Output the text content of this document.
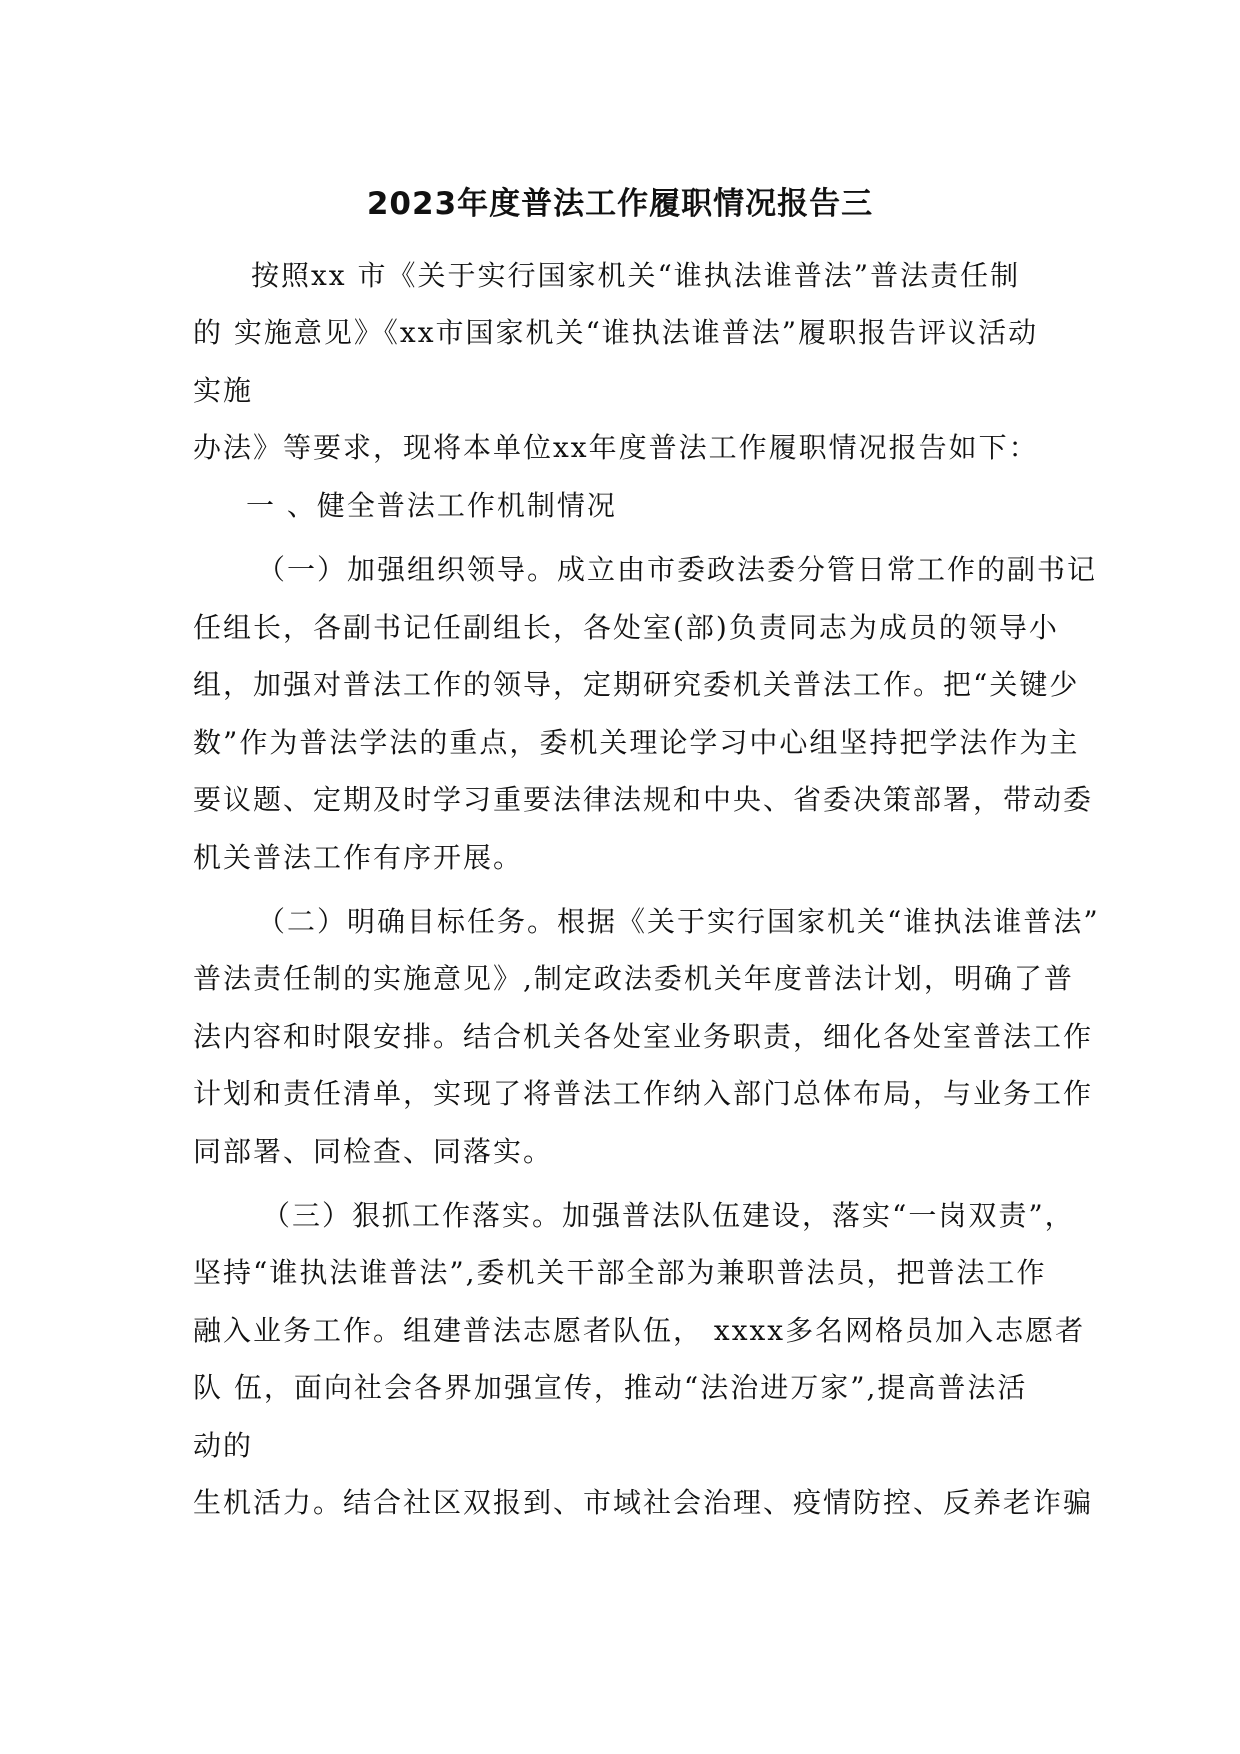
2023年度普法工作履职情况报告三
按照xx 市《关于实行国家机关“谁执法谁普法”普法责任制
的 实施意见》《xx市国家机关“谁执法谁普法”履职报告评议活动
实施
办法》等要求，现将本单位xx年度普法工作履职情况报告如下：
一 、健全普法工作机制情况
（一）加强组织领导。成立由市委政法委分管日常工作的副书记
任组长，各副书记任副组长，各处室(部)负责同志为成员的领导小
组，加强对普法工作的领导，定期研究委机关普法工作。把“关键少
数”作为普法学法的重点，委机关理论学习中心组坚持把学法作为主
要议题、定期及时学习重要法律法规和中央、省委决策部署，带动委
机关普法工作有序开展。
（二）明确目标任务。根据《关于实行国家机关“谁执法谁普法”
普法责任制的实施意见》,制定政法委机关年度普法计划，明确了普
法内容和时限安排。结合机关各处室业务职责，细化各处室普法工作
计划和责任清单，实现了将普法工作纳入部门总体布局，与业务工作
同部署、同检查、同落实。
（三）狠抓工作落实。加强普法队伍建设，落实“一岗双责”，
坚持“谁执法谁普法”,委机关干部全部为兼职普法员，把普法工作
融入业务工作。组建普法志愿者队伍， xxxx多名网格员加入志愿者
队 伍，面向社会各界加强宣传，推动“法治进万家”,提高普法活
动的
生机活力。结合社区双报到、市域社会治理、疫情防控、反养老诈骗
